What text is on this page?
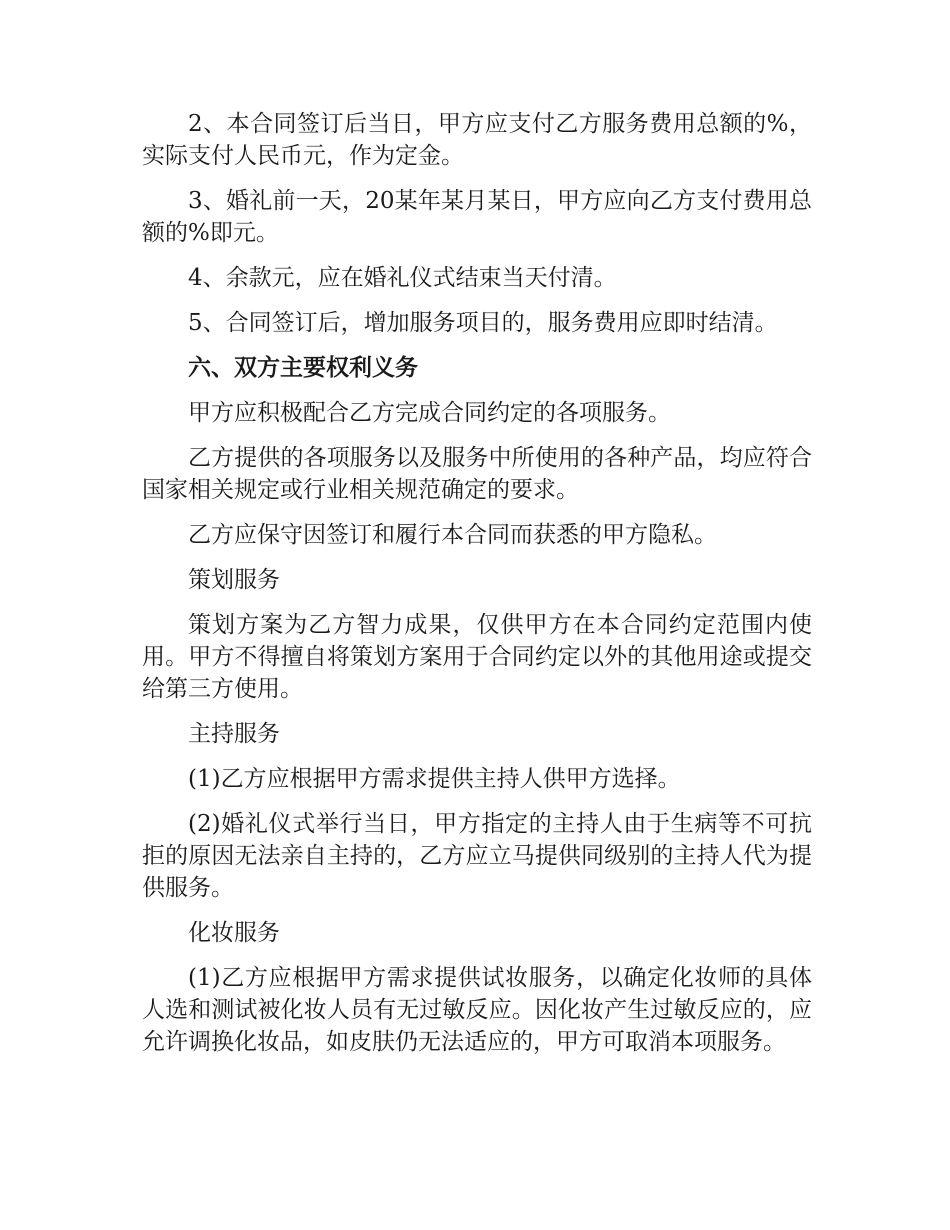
2、本合同签订后当日，甲方应支付乙方服务费用总额的%，实际支付人民币元，作为定金。

3、婚礼前一天，20某年某月某日，甲方应向乙方支付费用总额的%即元。

4、余款元，应在婚礼仪式结束当天付清。

5、合同签订后，增加服务项目的，服务费用应即时结清。

六、双方主要权利义务

甲方应积极配合乙方完成合同约定的各项服务。

乙方提供的各项服务以及服务中所使用的各种产品，均应符合国家相关规定或行业相关规范确定的要求。

乙方应保守因签订和履行本合同而获悉的甲方隐私。

策划服务

策划方案为乙方智力成果，仅供甲方在本合同约定范围内使用。甲方不得擅自将策划方案用于合同约定以外的其他用途或提交给第三方使用。

主持服务

(1)乙方应根据甲方需求提供主持人供甲方选择。

(2)婚礼仪式举行当日，甲方指定的主持人由于生病等不可抗拒的原因无法亲自主持的，乙方应立马提供同级别的主持人代为提供服务。

化妆服务

(1)乙方应根据甲方需求提供试妆服务，以确定化妆师的具体人选和测试被化妆人员有无过敏反应。因化妆产生过敏反应的，应允许调换化妆品，如皮肤仍无法适应的，甲方可取消本项服务。
